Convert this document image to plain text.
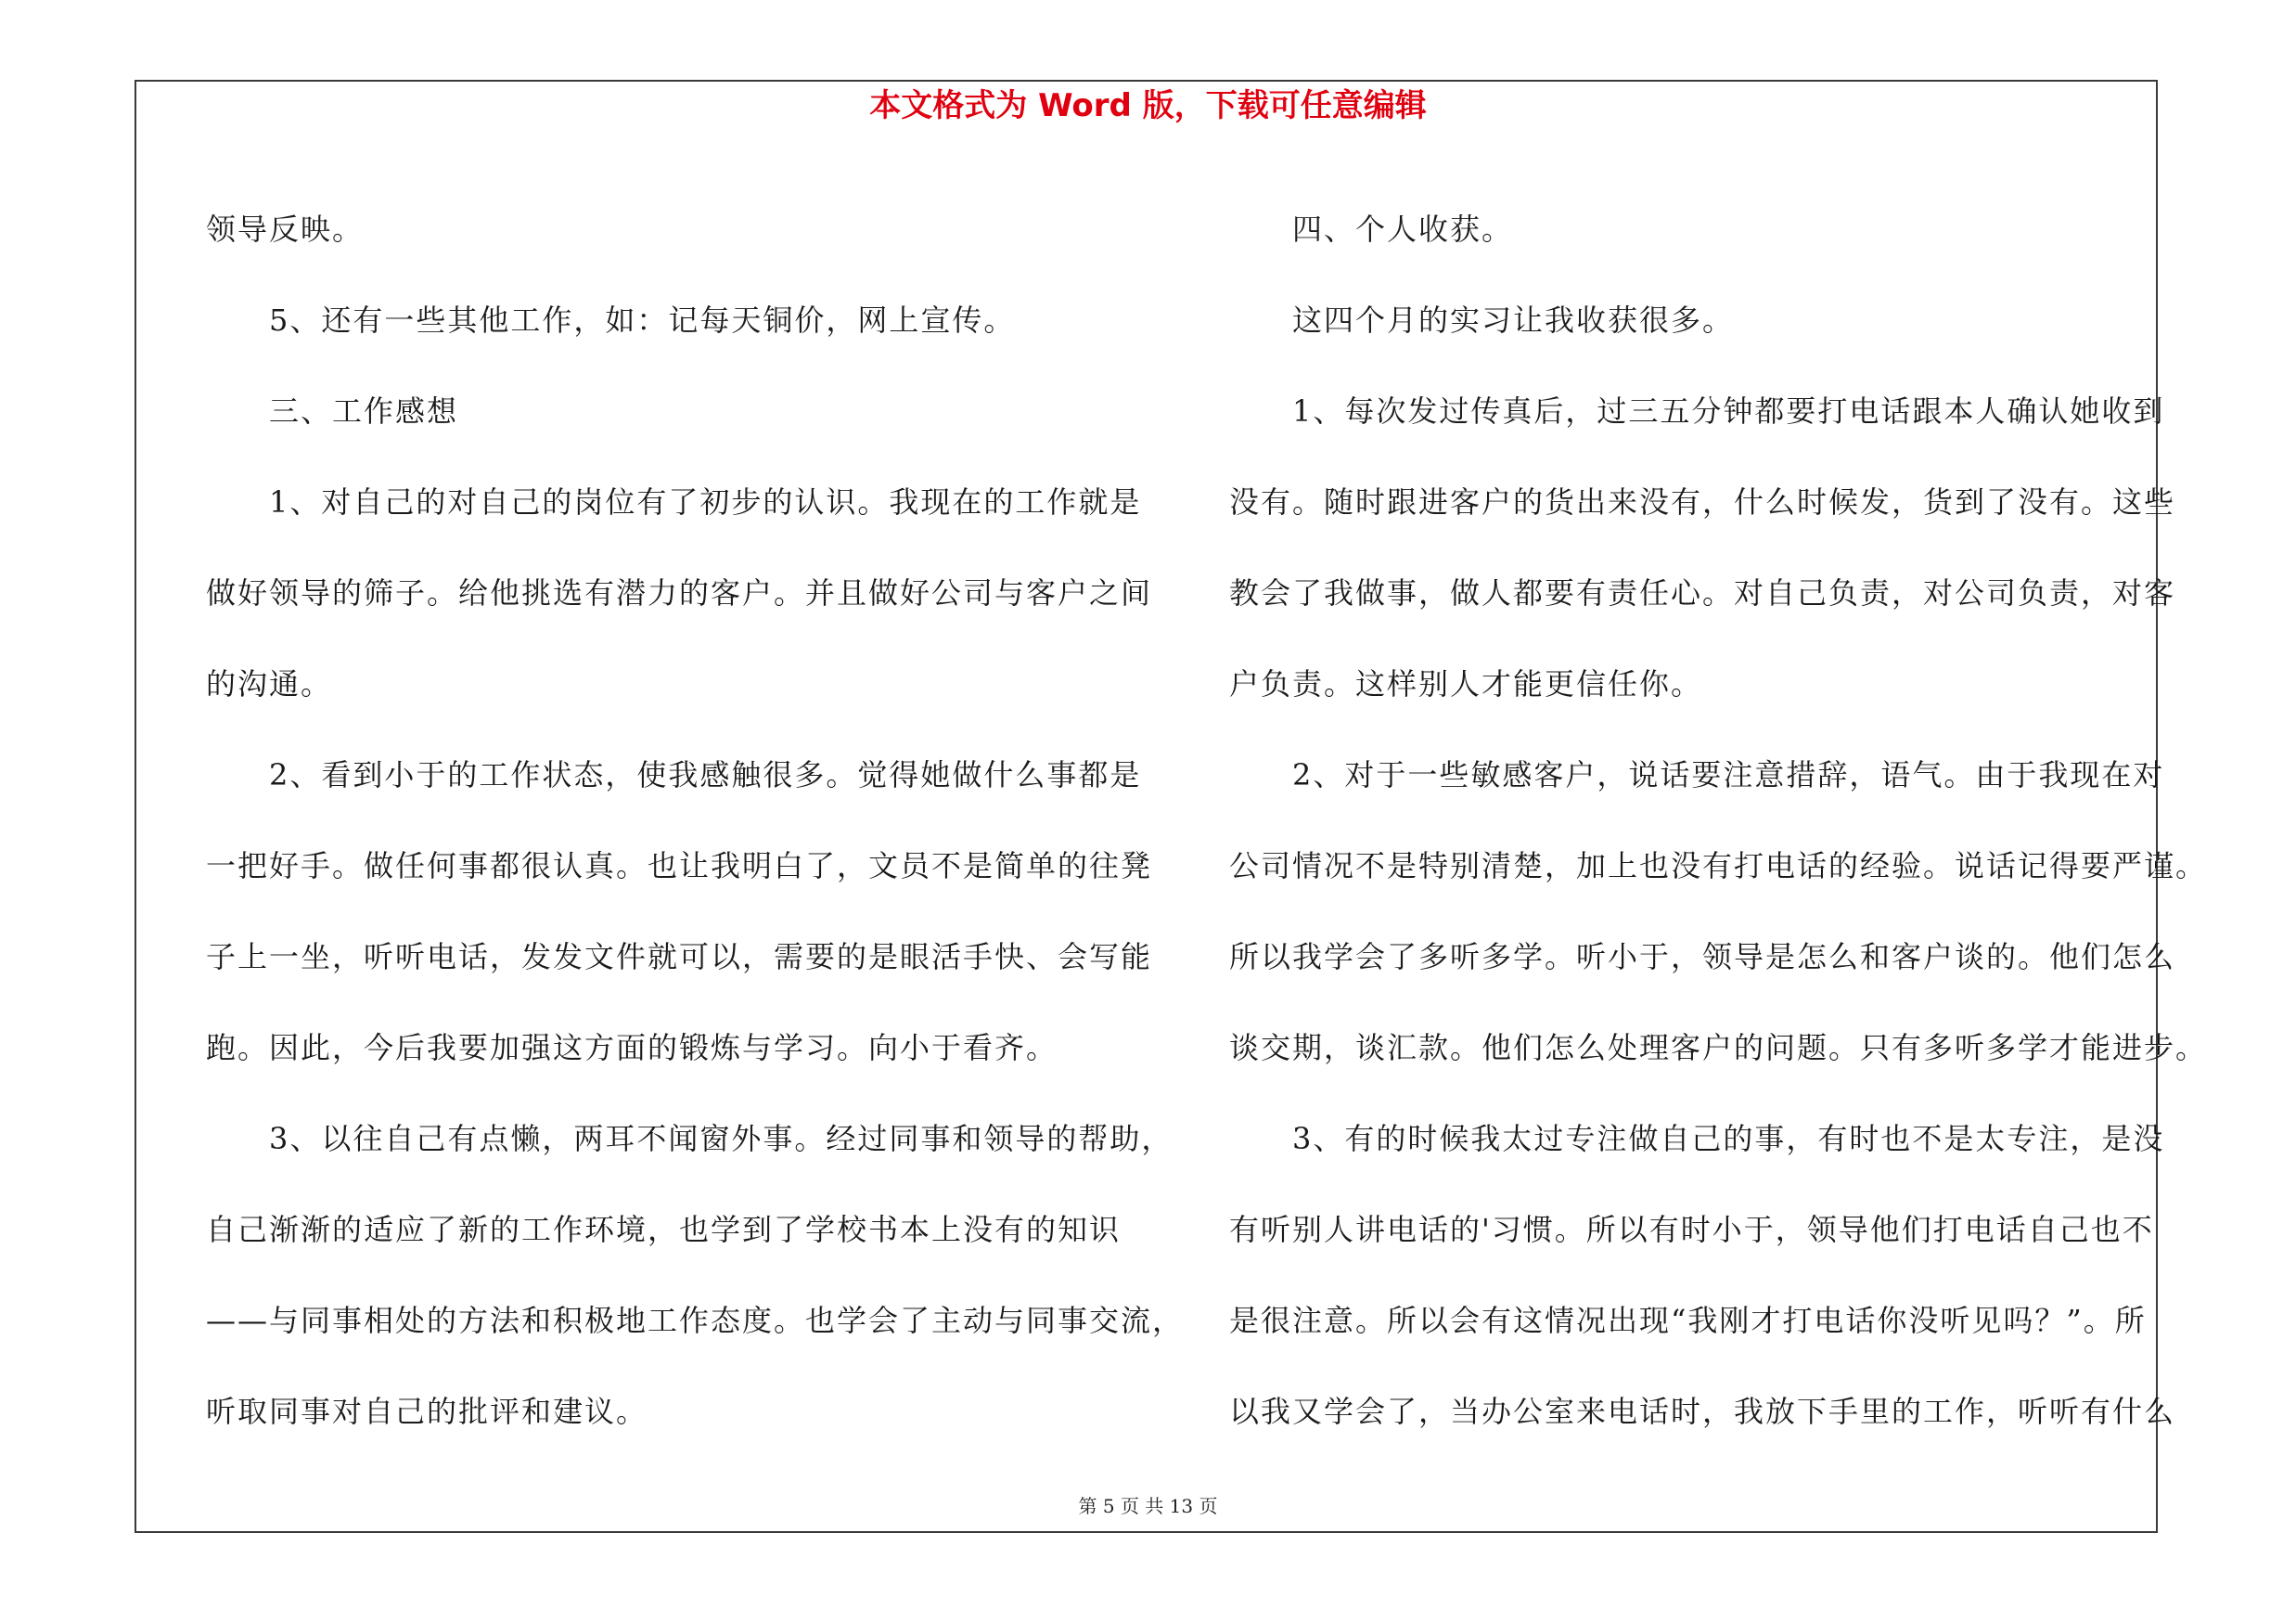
本文格式为 Word 版，下载可任意编辑
领导反映。
5、还有一些其他工作，如：记每天铜价，网上宣传。
三、工作感想
1、对自己的对自己的岗位有了初步的认识。我现在的工作就是
做好领导的筛子。给他挑选有潜力的客户。并且做好公司与客户之间
的沟通。
2、看到小于的工作状态，使我感触很多。觉得她做什么事都是
一把好手。做任何事都很认真。也让我明白了，文员不是简单的往凳
子上一坐，听听电话，发发文件就可以，需要的是眼活手快、会写能
跑。因此，今后我要加强这方面的锻炼与学习。向小于看齐。
3、以往自己有点懒，两耳不闻窗外事。经过同事和领导的帮助，
自己渐渐的适应了新的工作环境，也学到了学校书本上没有的知识
——与同事相处的方法和积极地工作态度。也学会了主动与同事交流，
听取同事对自己的批评和建议。
四、个人收获。
这四个月的实习让我收获很多。
1、每次发过传真后，过三五分钟都要打电话跟本人确认她收到
没有。随时跟进客户的货出来没有，什么时候发，货到了没有。这些
教会了我做事，做人都要有责任心。对自己负责，对公司负责，对客
户负责。这样别人才能更信任你。
2、对于一些敏感客户，说话要注意措辞，语气。由于我现在对
公司情况不是特别清楚，加上也没有打电话的经验。说话记得要严谨。
所以我学会了多听多学。听小于，领导是怎么和客户谈的。他们怎么
谈交期，谈汇款。他们怎么处理客户的问题。只有多听多学才能进步。
3、有的时候我太过专注做自己的事，有时也不是太专注，是没
有听别人讲电话的'习惯。所以有时小于，领导他们打电话自己也不
是很注意。所以会有这情况出现“我刚才打电话你没听见吗？”。所
以我又学会了，当办公室来电话时，我放下手里的工作，听听有什么
第 5 页 共 13 页
